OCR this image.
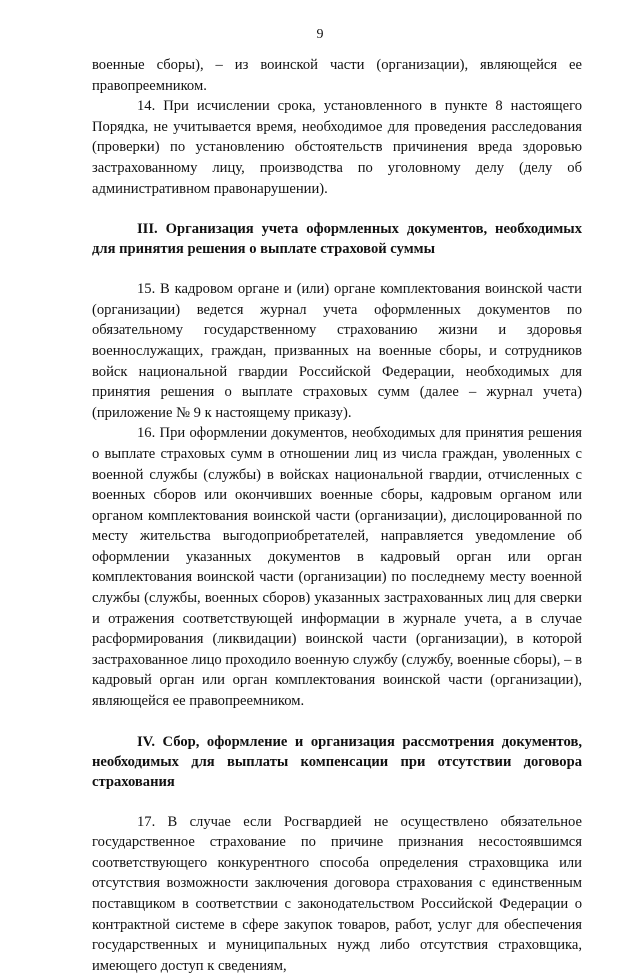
9

военные сборы), – из воинской части (организации), являющейся ее правопреемником.

14. При исчислении срока, установленного в пункте 8 настоящего Порядка, не учитывается время, необходимое для проведения расследования (проверки) по установлению обстоятельств причинения вреда здоровью застрахованному лицу, производства по уголовному делу (делу об административном правонарушении).

III. Организация учета оформленных документов, необходимых для принятия решения о выплате страховой суммы

15. В кадровом органе и (или) органе комплектования воинской части (организации) ведется журнал учета оформленных документов по обязательному государственному страхованию жизни и здоровья военнослужащих, граждан, призванных на военные сборы, и сотрудников войск национальной гвардии Российской Федерации, необходимых для принятия решения о выплате страховых сумм (далее – журнал учета) (приложение № 9 к настоящему приказу).

16. При оформлении документов, необходимых для принятия решения о выплате страховых сумм в отношении лиц из числа граждан, уволенных с военной службы (службы) в войсках национальной гвардии, отчисленных с военных сборов или окончивших военные сборы, кадровым органом или органом комплектования воинской части (организации), дислоцированной по месту жительства выгодоприобретателей, направляется уведомление об оформлении указанных документов в кадровый орган или орган комплектования воинской части (организации) по последнему месту военной службы (службы, военных сборов) указанных застрахованных лиц для сверки и отражения соответствующей информации в журнале учета, а в случае расформирования (ликвидации) воинской части (организации), в которой застрахованное лицо проходило военную службу (службу, военные сборы), – в кадровый орган или орган комплектования воинской части (организации), являющейся ее правопреемником.

IV. Сбор, оформление и организация рассмотрения документов, необходимых для выплаты компенсации при отсутствии договора страхования

17. В случае если Росгвардией не осуществлено обязательное государственное страхование по причине признания несостоявшимся соответствующего конкурентного способа определения страховщика или отсутствия возможности заключения договора страхования с единственным поставщиком в соответствии с законодательством Российской Федерации о контрактной системе в сфере закупок товаров, работ, услуг для обеспечения государственных и муниципальных нужд либо отсутствия страховщика, имеющего доступ к сведениям,
